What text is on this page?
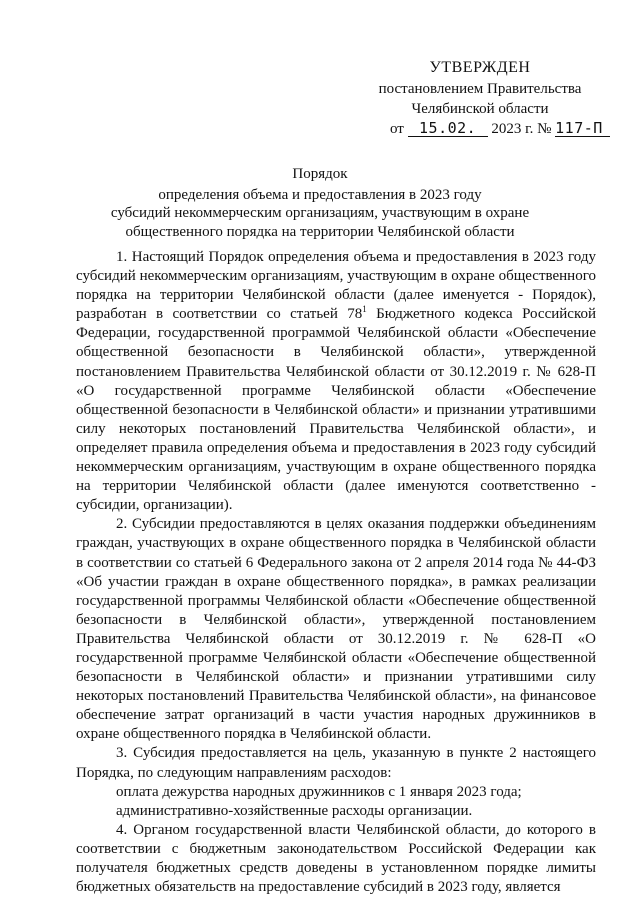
УТВЕРЖДЕН
постановлением Правительства
Челябинской области
от 15.02. 2023 г. № 117-П
Порядок
определения объема и предоставления в 2023 году
субсидий некоммерческим организациям, участвующим в охране
общественного порядка на территории Челябинской области

1. Настоящий Порядок определения объема и предоставления в 2023 году субсидий некоммерческим организациям, участвующим в охране общественного порядка на территории Челябинской области (далее именуется - Порядок), разработан в соответствии со статьей $78^1$ Бюджетного кодекса Российской Федерации, государственной программой Челябинской области «Обеспечение общественной безопасности в Челябинской области», утвержденной постановлением Правительства Челябинской области от 30.12.2019 г. № 628-П «О государственной программе Челябинской области «Обеспечение общественной безопасности в Челябинской области» и признании утратившими силу некоторых постановлений Правительства Челябинской области», и определяет правила определения объема и предоставления в 2023 году субсидий некоммерческим организациям, участвующим в охране общественного порядка на территории Челябинской области (далее именуются соответственно - субсидии, организации).

2. Субсидии предоставляются в целях оказания поддержки объединениям граждан, участвующих в охране общественного порядка в Челябинской области в соответствии со статьей 6 Федерального закона от 2 апреля 2014 года № 44-ФЗ «Об участии граждан в охране общественного порядка», в рамках реализации государственной программы Челябинской области «Обеспечение общественной безопасности в Челябинской области», утвержденной постановлением Правительства Челябинской области от 30.12.2019 г. № 628-П «О государственной программе Челябинской области «Обеспечение общественной безопасности в Челябинской области» и признании утратившими силу некоторых постановлений Правительства Челябинской области», на финансовое обеспечение затрат организаций в части участия народных дружинников в охране общественного порядка в Челябинской области.

3. Субсидия предоставляется на цель, указанную в пункте 2 настоящего Порядка, по следующим направлениям расходов:

оплата дежурства народных дружинников с 1 января 2023 года;

административно-хозяйственные расходы организации.

4. Органом государственной власти Челябинской области, до которого в соответствии с бюджетным законодательством Российской Федерации как получателя бюджетных средств доведены в установленном порядке лимиты бюджетных обязательств на предоставление субсидий в 2023 году, является
